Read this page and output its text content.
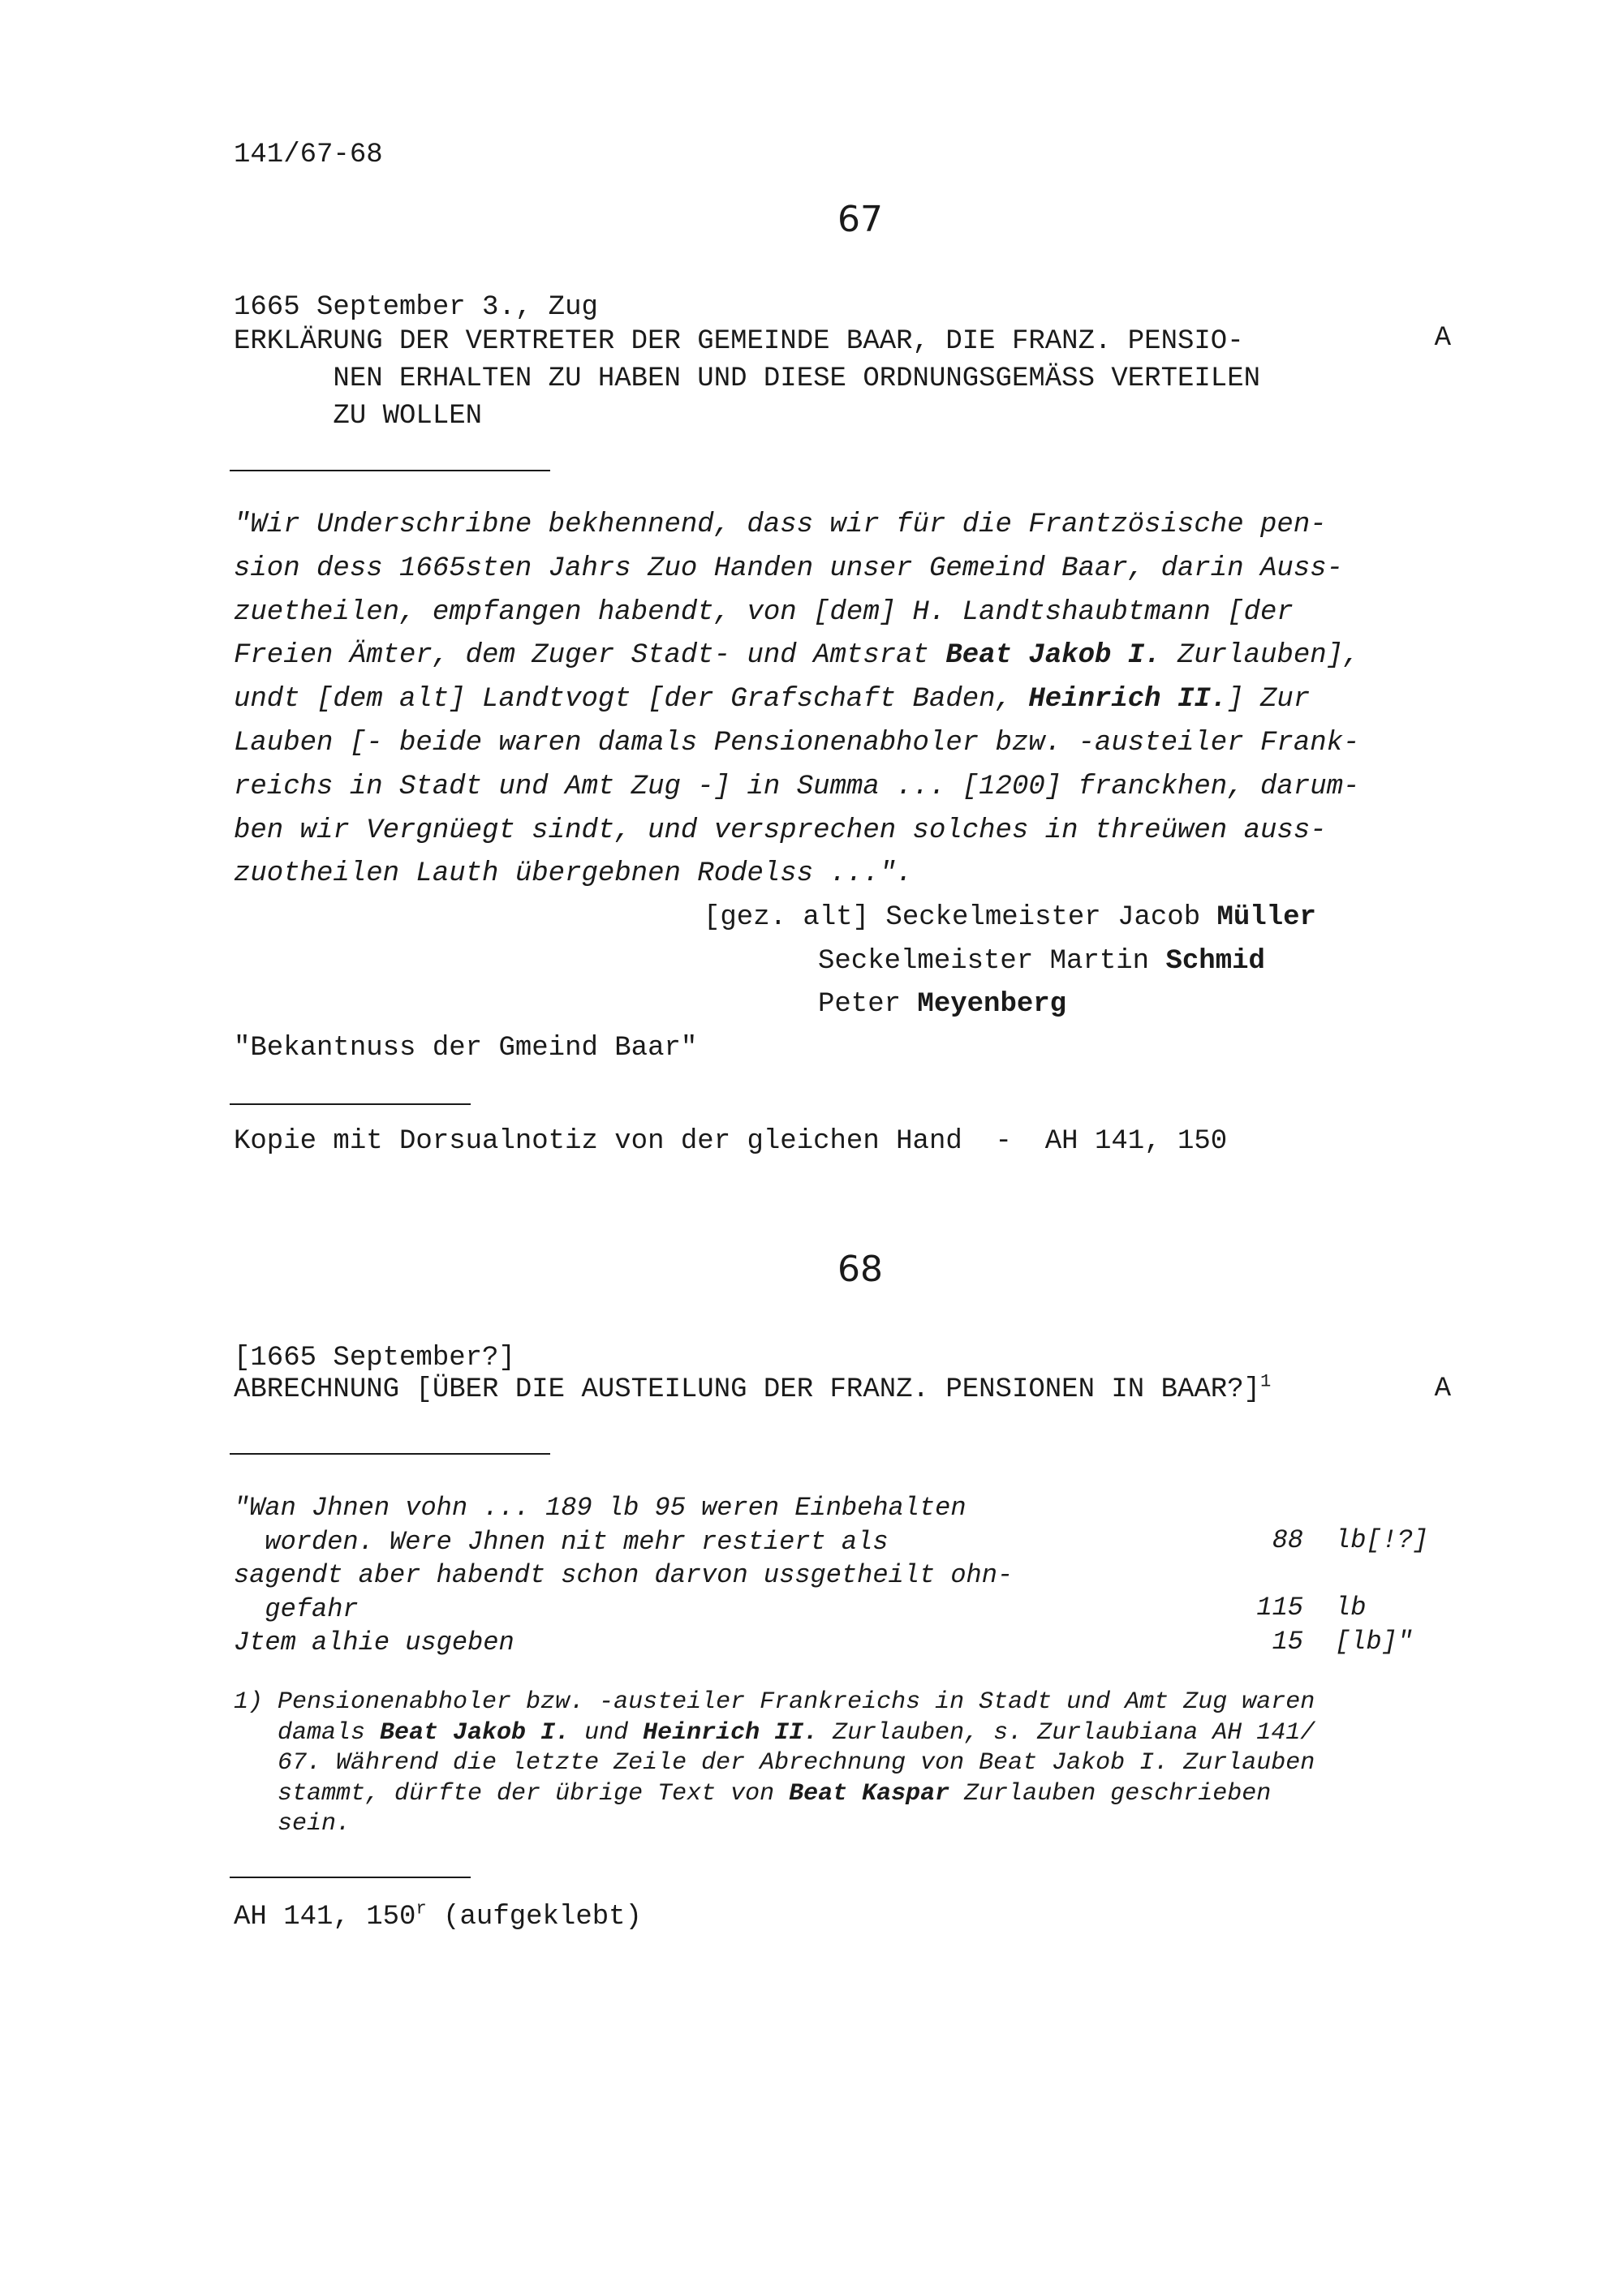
141/67-68
67

1665 September 3., Zug

A

ERKLÄRUNG DER VERTRETER DER GEMEINDE BAAR, DIE FRANZ. PENSIO-
NEN ERHALTEN ZU HABEN UND DIESE ORDNUNGSGEMÄSS VERTEILEN
ZU WOLLEN
"Wir Underschribne bekhennend, dass wir für die Frantzösische pen-
sion dess 1665sten Jahrs Zuo Handen unser Gemeind Baar, darin Auss-
zuetheilen, empfangen habendt, von [dem] H. Landtshaubtmann [der
Freien Ämter, dem Zuger Stadt- und Amtsrat Beat Jakob I. Zurlauben],
undt [dem alt] Landtvogt [der Grafschaft Baden, Heinrich II.] Zur
Lauben [- beide waren damals Pensionenabholer bzw. -austeiler Frank-
reichs in Stadt und Amt Zug -] in Summa ... [1200] franckhen, darum-
ben wir Vergnüegt sindt, und versprechen solches in threüwen auss-
zuotheilen Lauth übergebnen Rodelss ...".
[gez. alt] Seckelmeister Jacob Müller
Seckelmeister Martin Schmid
Peter Meyenberg
"Bekantnuss der Gmeind Baar"
Kopie mit Dorsualnotiz von der gleichen Hand  -  AH 141, 150
68

[1665 September?]

A

ABRECHNUNG [ÜBER DIE AUSTEILUNG DER FRANZ. PENSIONEN IN BAAR?]$^1$
"Wan Jhnen vohn ... 189 lb 95 weren Einbehalten
worden. Were Jhnen nit mehr restiert als
sagendt aber habendt schon darvon ussgetheilt ohn-
gefahr
Jtem alhie usgeben
88 lb[!?]
115 lb
15 [lb]"
1) Pensionenabholer bzw. -austeiler Frankreichs in Stadt und Amt Zug waren
damals Beat Jakob I. und Heinrich II. Zurlauben, s. Zurlaubiana AH 141/
67. Während die letzte Zeile der Abrechnung von Beat Jakob I. Zurlauben
stammt, dürfte der übrige Text von Beat Kaspar Zurlauben geschrieben
sein.
AH 141, 150$^r$ (aufgeklebt)
